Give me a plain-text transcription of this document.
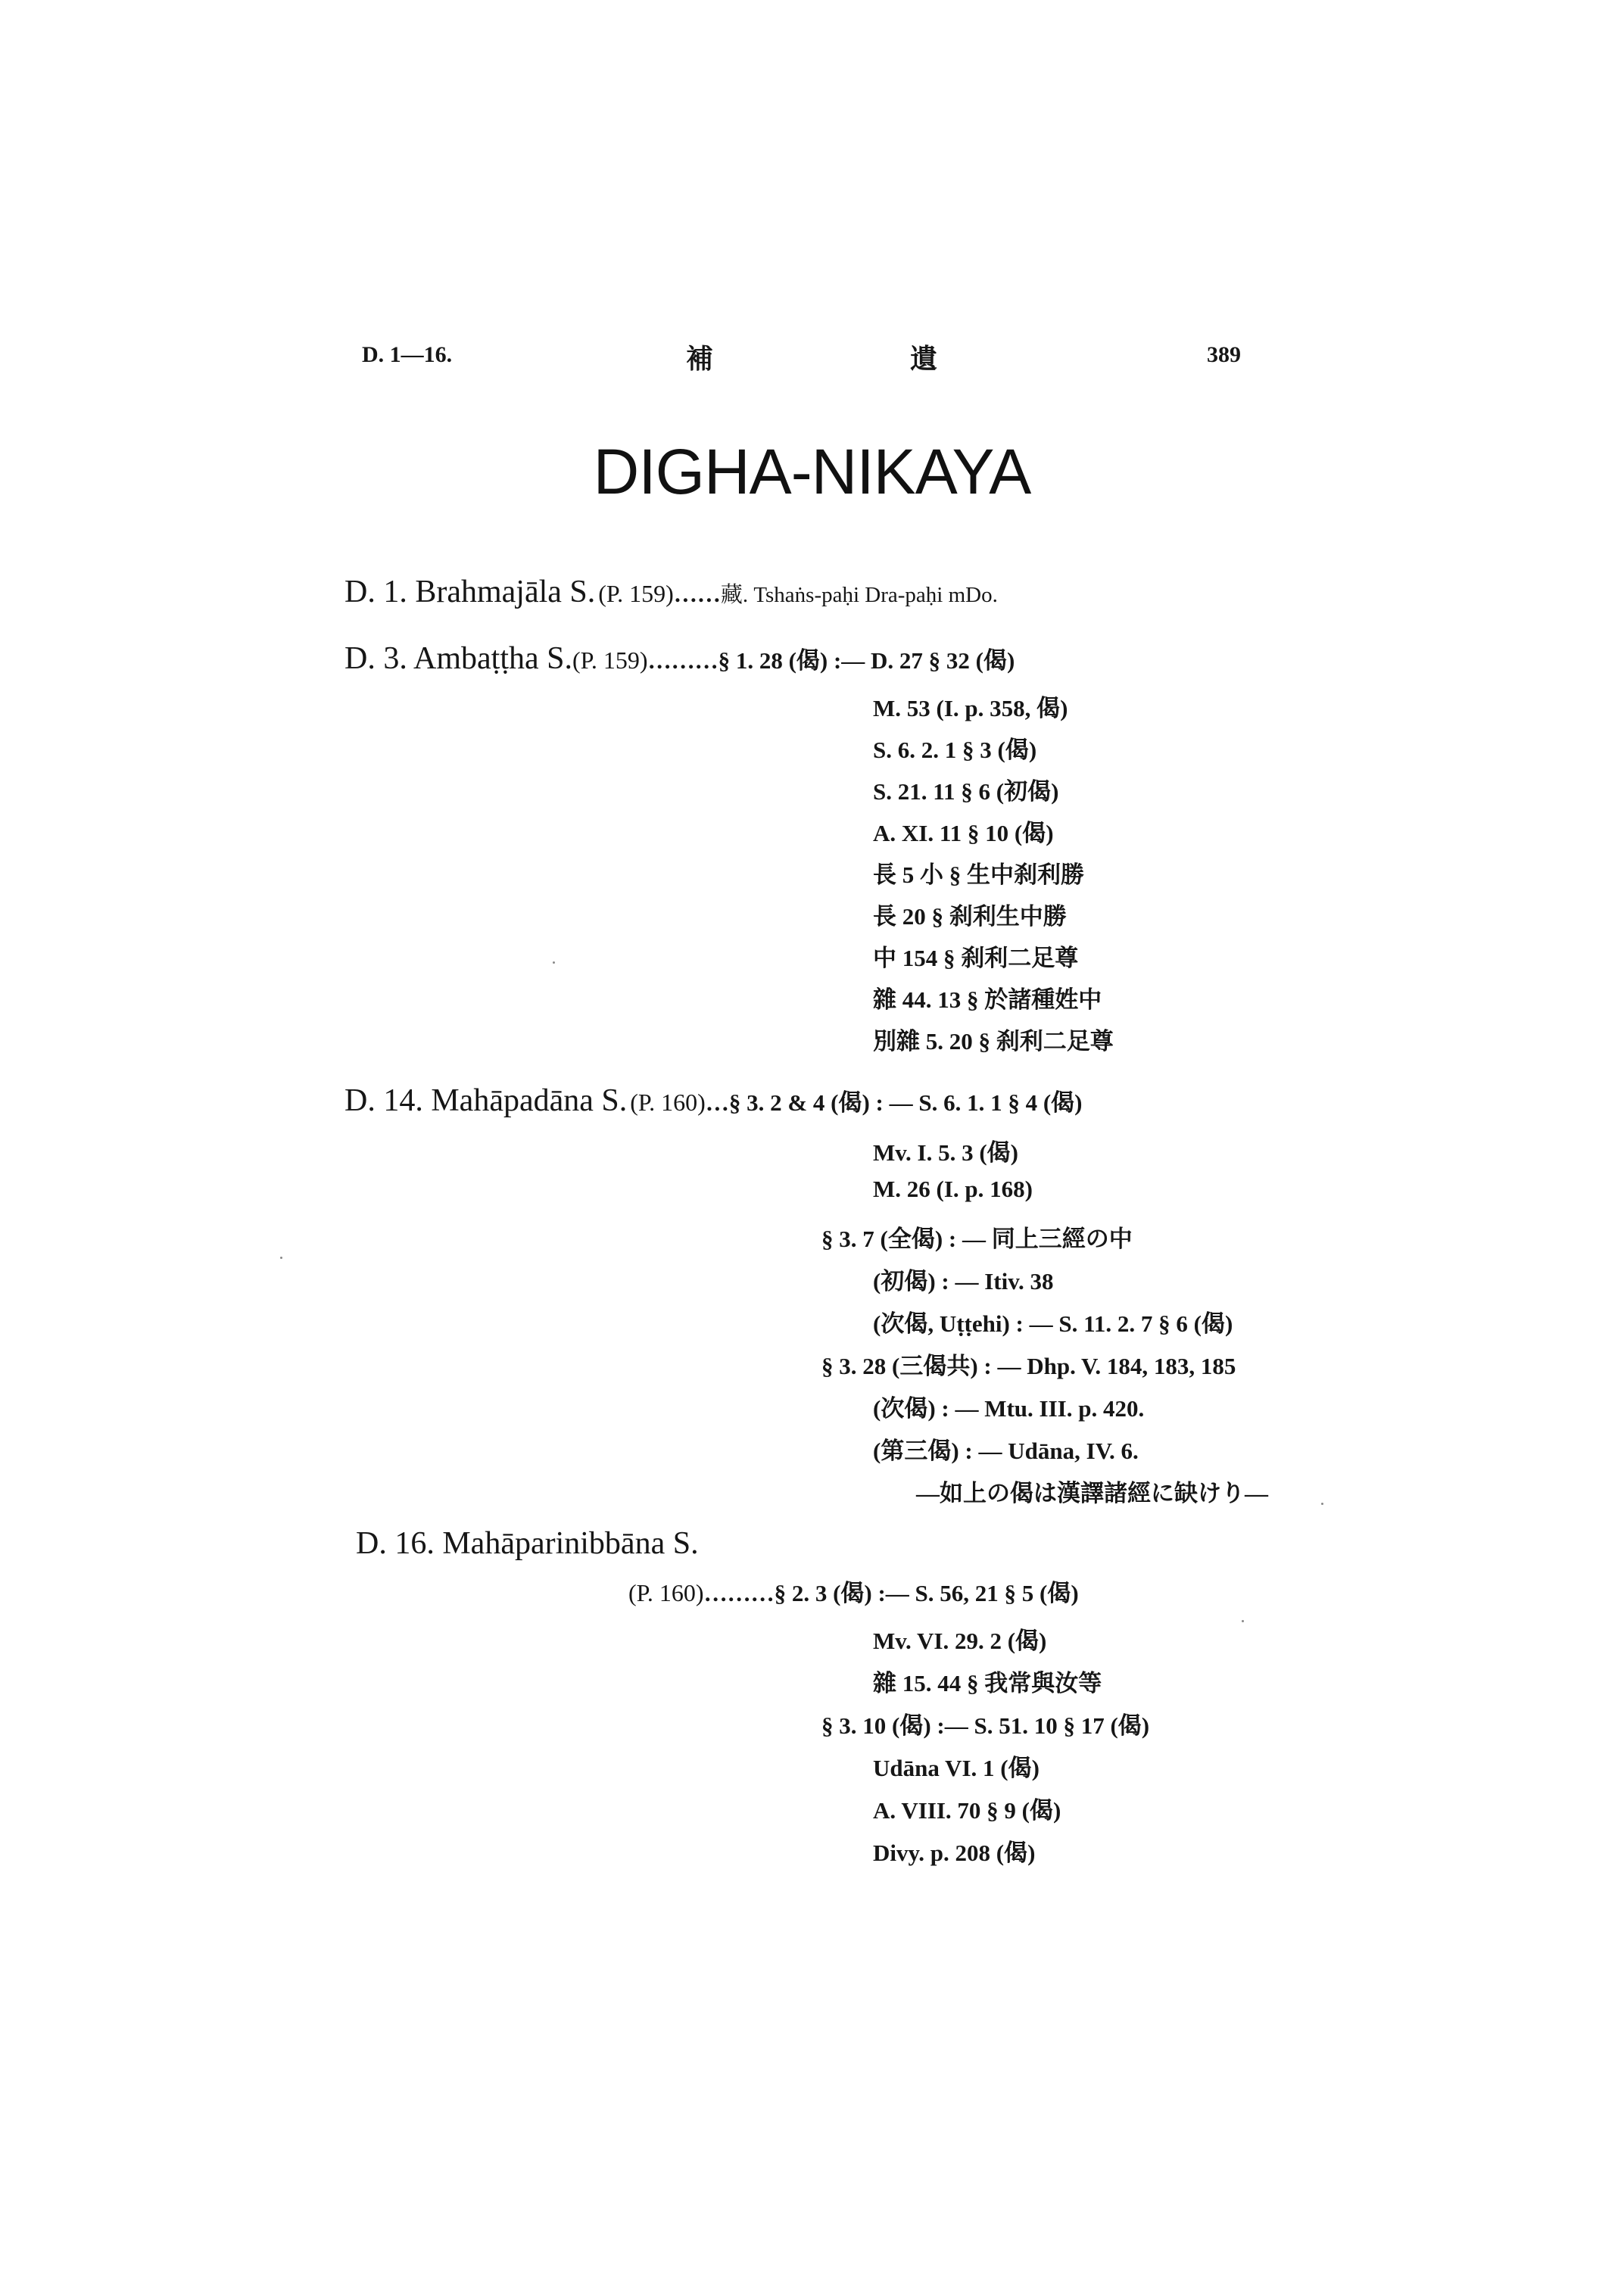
D. 1—16.	補	遺	389
DIGHA-NIKAYA
D. 1. Brahmajāla S. (P. 159)……藏. Tshaṅs-paḥi Dra-paḥi mDo.
D. 3. Ambaṭṭha S.(P. 159)………§ 1. 28 (偈) :— D. 27 § 32 (偈)
M. 53 (I. p. 358, 偈)
S. 6. 2. 1 § 3 (偈)
S. 21. 11 § 6 (初偈)
A. XI. 11 § 10 (偈)
長 5 小 § 生中刹利勝
長 20 § 刹利生中勝
中 154 § 刹利二足尊
雜 44. 13 § 於諸種姓中
別雜 5. 20 § 刹利二足尊
D. 14. Mahāpadāna S. (P. 160)…§ 3. 2 & 4 (偈) : — S. 6. 1. 1 § 4 (偈)
Mv. I. 5. 3 (偈)
M. 26 (I. p. 168)
§ 3. 7 (全偈) : — 同上三經の中
(初偈) : — Itiv. 38
(次偈, Uṭṭehi) : — S. 11. 2. 7 § 6 (偈)
§ 3. 28 (三偈共) : — Dhp. V. 184, 183, 185
(次偈) : — Mtu. III. p. 420.
(第三偈) : — Udāna, IV. 6.
—如上の偈は漢譯諸經に缺けり—
D. 16. Mahāparinibbāna S.
(P. 160)………§ 2. 3 (偈) :— S. 56, 21 § 5 (偈)
Mv. VI. 29. 2 (偈)
雜 15. 44 § 我常與汝等
§ 3. 10 (偈) :— S. 51. 10 § 17 (偈)
Udāna VI. 1 (偈)
A. VIII. 70 § 9 (偈)
Divy. p. 208 (偈)
